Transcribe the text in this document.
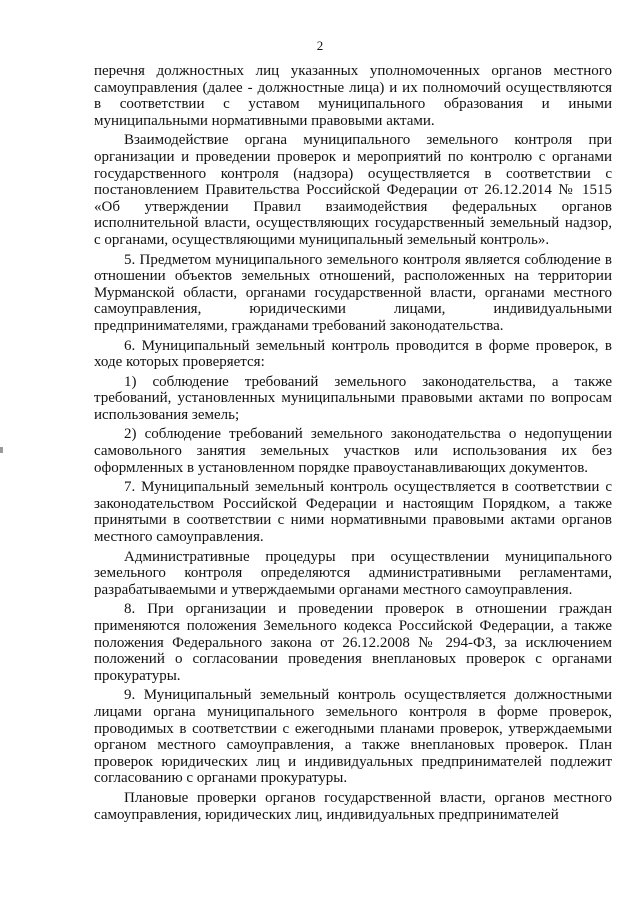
2

перечня должностных лиц указанных уполномоченных органов местного самоуправления (далее - должностные лица) и их полномочий осуществляются в соответствии с уставом муниципального образования и иными муниципальными нормативными правовыми актами.

Взаимодействие органа муниципального земельного контроля при организации и проведении проверок и мероприятий по контролю с органами государственного контроля (надзора) осуществляется в соответствии с постановлением Правительства Российской Федерации от 26.12.2014 № 1515 «Об утверждении Правил взаимодействия федеральных органов исполнительной власти, осуществляющих государственный земельный надзор, с органами, осуществляющими муниципальный земельный контроль».

5. Предметом муниципального земельного контроля является соблюдение в отношении объектов земельных отношений, расположенных на территории Мурманской области, органами государственной власти, органами местного самоуправления, юридическими лицами, индивидуальными предпринимателями, гражданами требований законодательства.

6. Муниципальный земельный контроль проводится в форме проверок, в ходе которых проверяется:

1) соблюдение требований земельного законодательства, а также требований, установленных муниципальными правовыми актами по вопросам использования земель;

2) соблюдение требований земельного законодательства о недопущении самовольного занятия земельных участков или использования их без оформленных в установленном порядке правоустанавливающих документов.

7. Муниципальный земельный контроль осуществляется в соответствии с законодательством Российской Федерации и настоящим Порядком, а также принятыми в соответствии с ними нормативными правовыми актами органов местного самоуправления.

Административные процедуры при осуществлении муниципального земельного контроля определяются административными регламентами, разрабатываемыми и утверждаемыми органами местного самоуправления.

8. При организации и проведении проверок в отношении граждан применяются положения Земельного кодекса Российской Федерации, а также положения Федерального закона от 26.12.2008 № 294-ФЗ, за исключением положений о согласовании проведения внеплановых проверок с органами прокуратуры.

9. Муниципальный земельный контроль осуществляется должностными лицами органа муниципального земельного контроля в форме проверок, проводимых в соответствии с ежегодными планами проверок, утверждаемыми органом местного самоуправления, а также внеплановых проверок. План проверок юридических лиц и индивидуальных предпринимателей подлежит согласованию с органами прокуратуры.

Плановые проверки органов государственной власти, органов местного самоуправления, юридических лиц, индивидуальных предпринимателей
